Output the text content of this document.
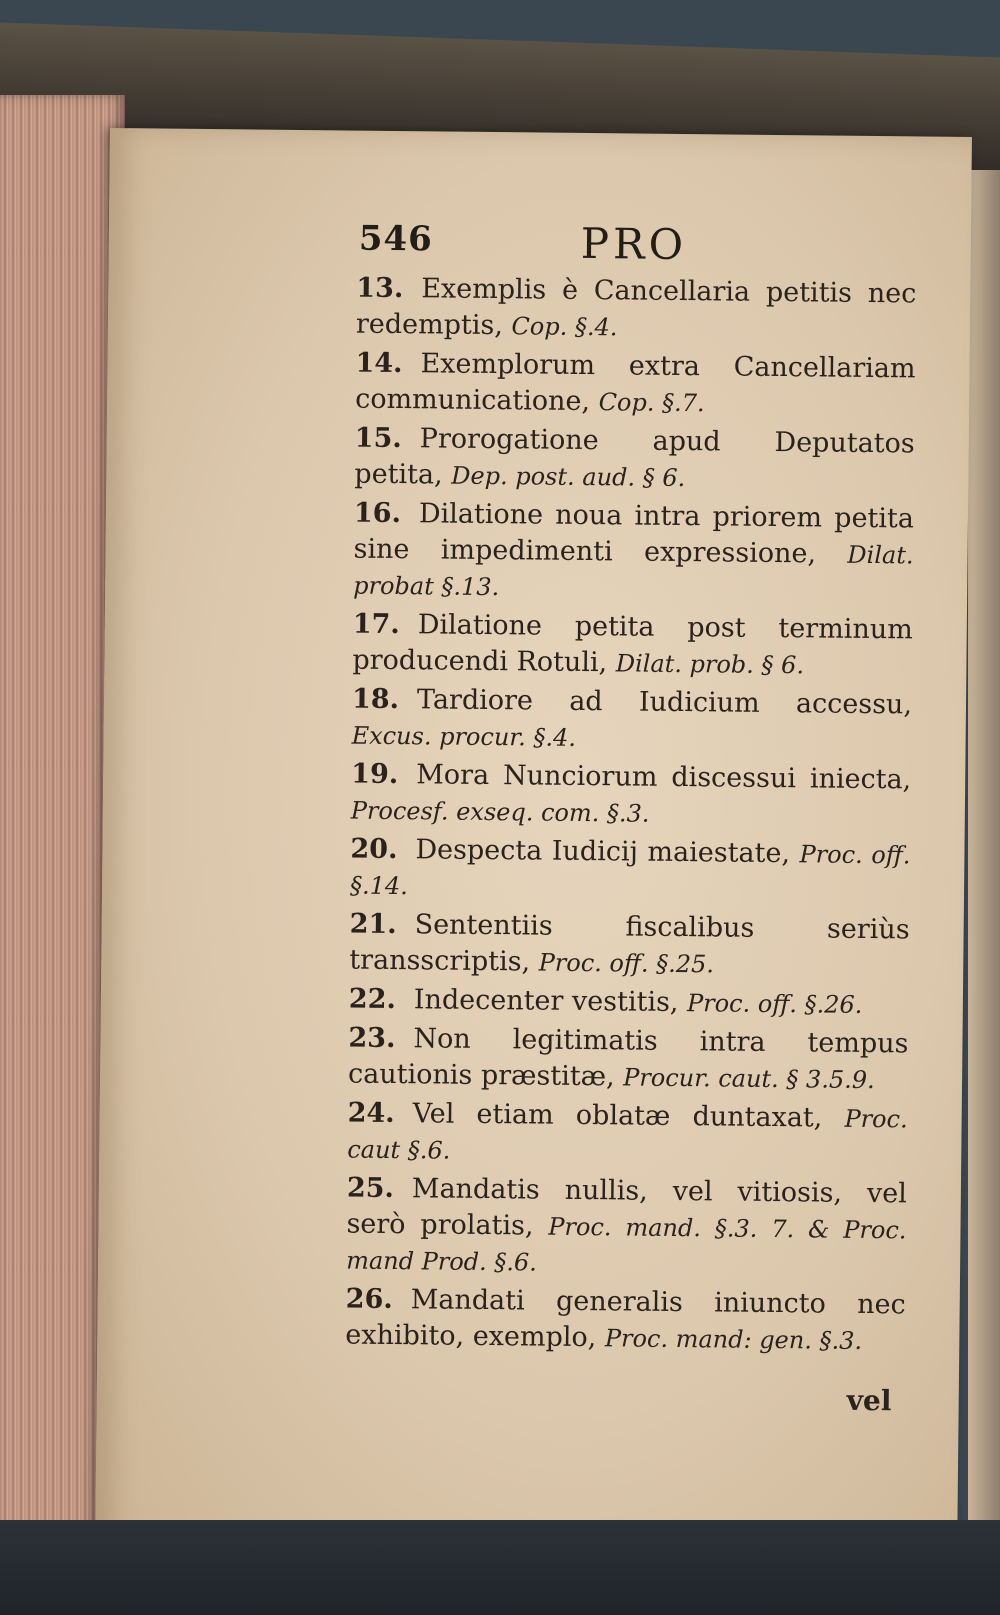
546	PRO

13. Exemplis è Cancellaria petitis nec redemptis, Cop. §.4.

14. Exemplorum extra Cancellariam communicatione, Cop. §.7.

15. Prorogatione apud Deputatos petita, Dep. post. aud. § 6.

16. Dilatione noua intra priorem petita sine impedimenti expressione, Dilat. probat §.13.

17. Dilatione petita post terminum producendi Rotuli, Dilat. prob. § 6.

18. Tardiore ad Iudicium accessu, Excus. procur. §.4.

19. Mora Nunciorum discessui iniecta, Procesf. exseq. com. §.3.

20. Despecta Iudicij maiestate, Proc. off. §.14.

21. Sententiis fiscalibus seriùs transscriptis, Proc. off. §.25.

22. Indecenter vestitis, Proc. off. §.26.

23. Non legitimatis intra tempus cautionis præstitæ, Procur. caut. § 3.5.9.

24. Vel etiam oblatæ duntaxat, Proc. caut §.6.

25. Mandatis nullis, vel vitiosis, vel serò prolatis, Proc. mand. §.3. 7. & Proc. mand Prod. §.6.

26. Mandati generalis iniuncto nec exhibito, exemplo, Proc. mand: gen. §.3.

vel
